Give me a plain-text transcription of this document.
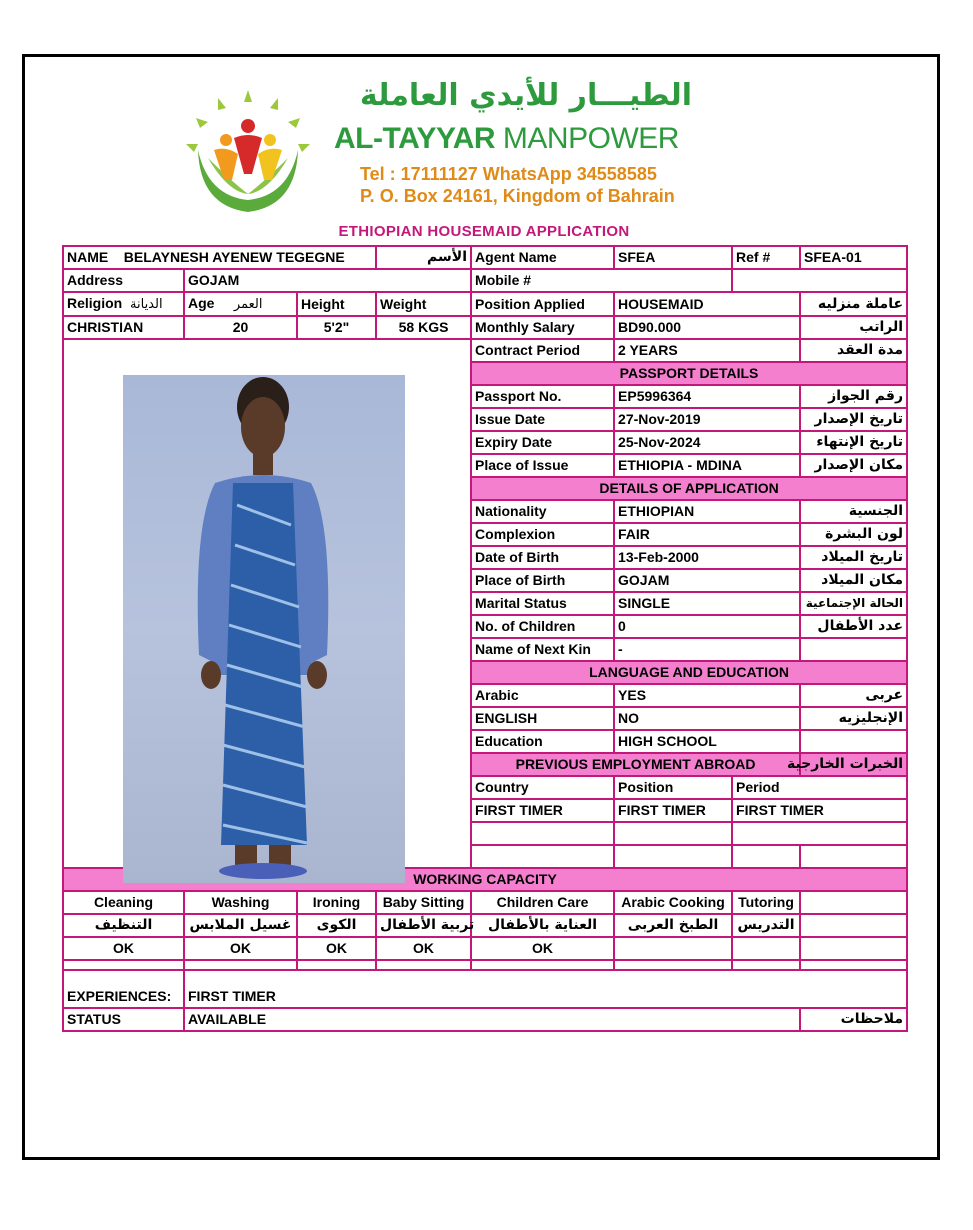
الطيـــار للأيدي العاملة
AL-TAYYAR MANPOWER
Tel : 17111127 WhatsApp 34558585
P. O. Box 24161, Kingdom of Bahrain
ETHIOPIAN HOUSEMAID APPLICATION
NAME BELAYNESH AYENEW TEGEGNE			الأسم	Agent Name	SFEA	Ref #	SFEA-01	
Address	GOJAM			Mobile #				
Religion الديانة	Age العمر	Height	Weight	Position Applied	HOUSEMAID		عاملة منزليه	
CHRISTIAN	20	5'2"	58 KGS	Monthly Salary	BD90.000		الراتب	

	Contract Period	2 YEARS		مدة العقد	
				PASSPORT DETAILS				
				Passport No.	EP5996364		رقم الجواز	
				Issue Date	27-Nov-2019		تاريخ الإصدار	
				Expiry Date	25-Nov-2024		تاريخ الإنتهاء	
				Place of Issue	ETHIOPIA - MDINA		مكان الإصدار	
				DETAILS OF APPLICATION				
				Nationality	ETHIOPIAN		الجنسية	
				Complexion	FAIR		لون البشرة	
				Date of Birth	13-Feb-2000		تاريخ الميلاد	
				Place of Birth	GOJAM		مكان الميلاد	
				Marital Status	SINGLE		الحالة الإجتماعية	
				No. of Children	0		عدد الأطفال	
				Name of Next Kin	-			
				LANGUAGE AND EDUCATION				
				Arabic	YES		عربى	
				ENGLISH	NO		الإنجليزيه	
				Education	HIGH SCHOOL			
				PREVIOUS EMPLOYMENT ABROAD			الخبرات الخارجية	
				Country	Position	Period		
				FIRST TIMER	FIRST TIMER	FIRST TIMER		

WORKING CAPACITY								
Cleaning	Washing	Ironing	Baby Sitting	Children Care	Arabic Cooking	Tutoring		
التنظيف	غسيل الملابس	الكوى	تربية الأطفال	العناية بالأطفال	الطبخ العربى	التدريس		
OK	OK	OK	OK	OK				

EXPERIENCES:	FIRST TIMER							
STATUS	AVAILABLE						ملاحظات	
